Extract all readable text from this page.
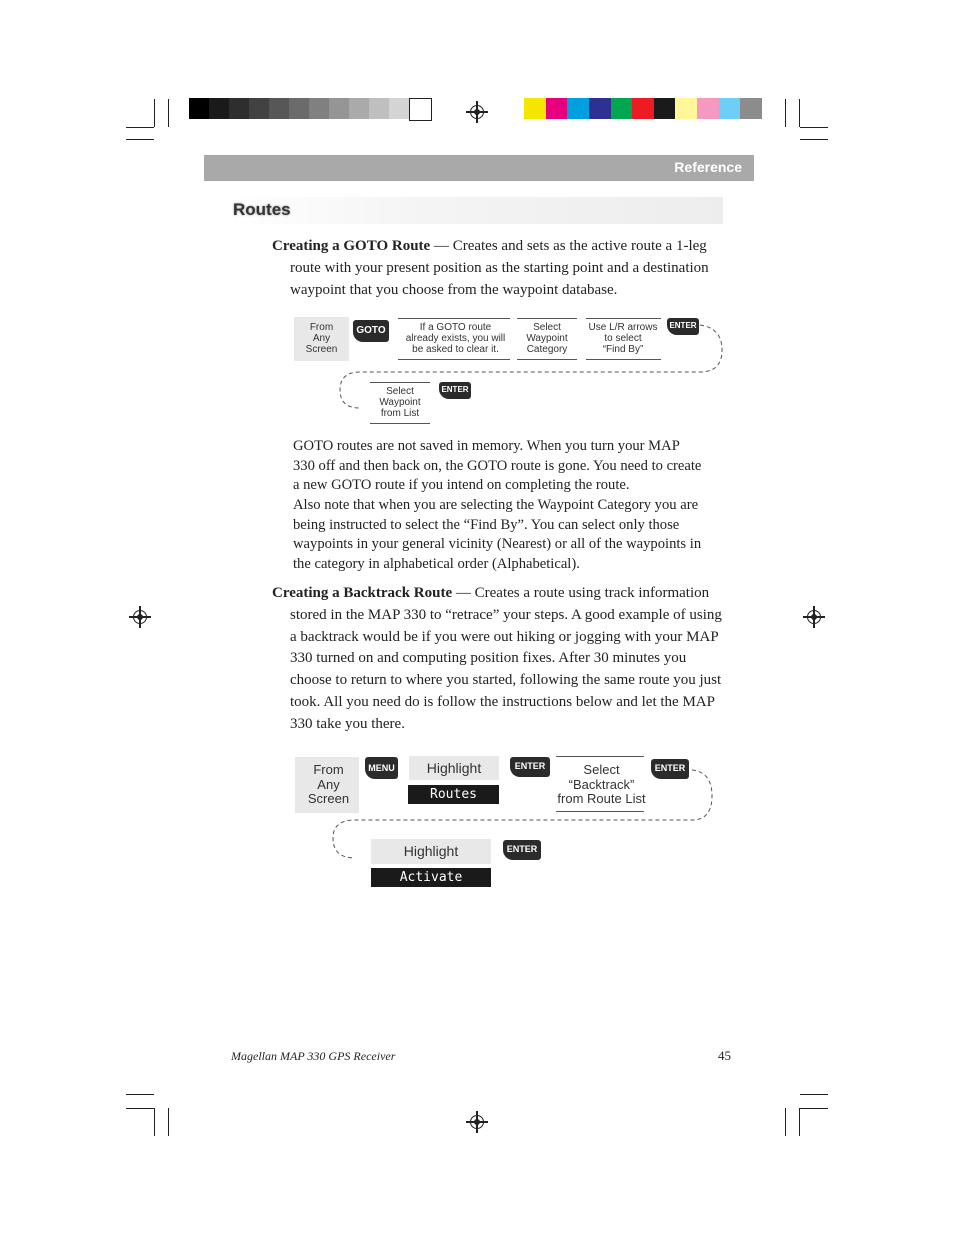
Reference
Routes
Creating a GOTO Route — Creates and sets as the active route a 1-leg
route with your present position as the starting point and a destination
waypoint that you choose from the waypoint database.
From
Any
Screen
GOTO	If a GOTO route
already exists, you will
be asked to clear it.
Select
Waypoint
Category
Use L/R arrows
to select
“Find By”
ENTER
Select
Waypoint
from List
ENTER
GOTO routes are not saved in memory. When you turn your MAP
330 off and then back on, the GOTO route is gone. You need to create
a new GOTO route if you intend on completing the route.
Also note that when you are selecting the Waypoint Category you are
being instructed to select the “Find By”. You can select only those
waypoints in your general vicinity (Nearest) or all of the waypoints in
the category in alphabetical order (Alphabetical).
Creating a Backtrack Route — Creates a route using track information
stored in the MAP 330 to “retrace” your steps. A good example of using
a backtrack would be if you were out hiking or jogging with your MAP
330 turned on and computing position fixes. After 30 minutes you
choose to return to where you started, following the same route you just
took. All you need do is follow the instructions below and let the MAP
330 take you there.
From
Any
Screen
MENU	Highlight
Routes
ENTER	Select
“Backtrack”
from Route List
ENTER
Highlight
Activate Backtrk
ENTER
Magellan MAP 330 GPS Receiver	45
